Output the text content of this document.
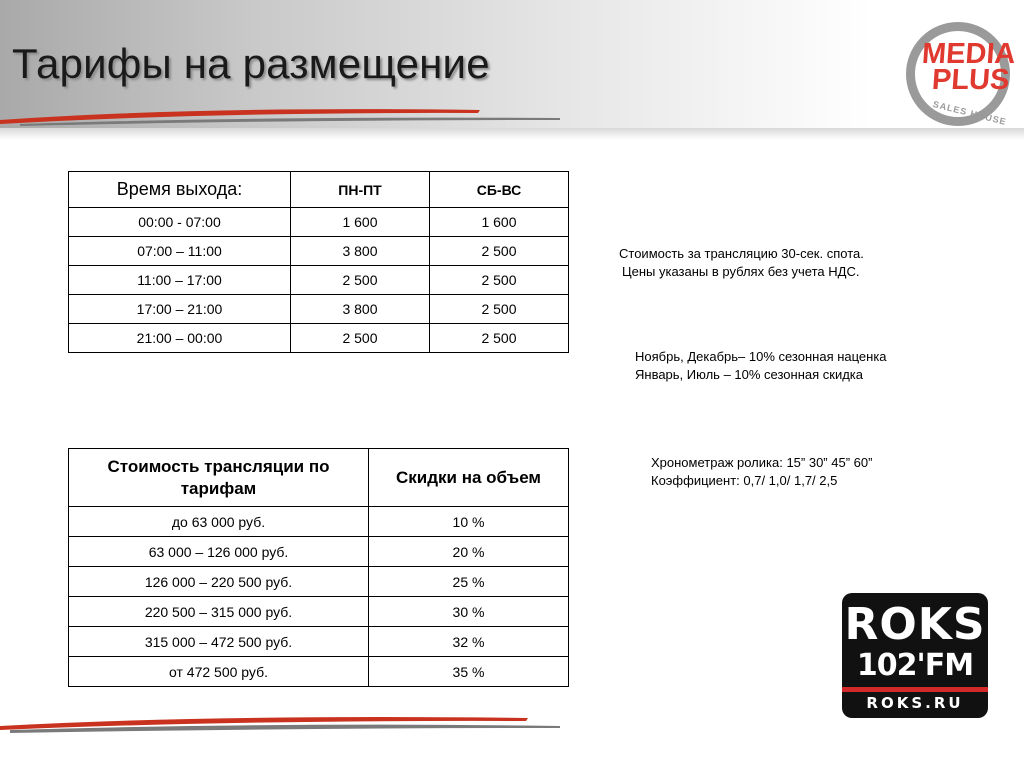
Тарифы на размещение	MEDIA
PLUS
SALES HOUSE
Время выхода:	ПН-ПТ	СБ-ВС
00:00 - 07:00	1 600	1 600
07:00 – 11:00	3 800	2 500
11:00 – 17:00	2 500	2 500
17:00 – 21:00	3 800	2 500
21:00 – 00:00	2 500	2 500
Стоимость за трансляцию 30-сек. спота.
Цены указаны в рублях без учета НДС.
Ноябрь, Декабрь– 10% сезонная наценка
Январь, Июль – 10% сезонная скидка
Стоимость трансляции по тарифам	Скидки на объем
до 63 000 руб.	10 %
63 000 – 126 000 руб.	20 %
126 000 – 220 500 руб.	25 %
220 500 – 315 000 руб.	30 %
315 000 – 472 500 руб.	32 %
от 472 500 руб.	35 %
Хронометраж ролика: 15” 30” 45” 60”
Коэффициент: 0,7/ 1,0/ 1,7/ 2,5
ROKS
102'FM
ROKS.RU
